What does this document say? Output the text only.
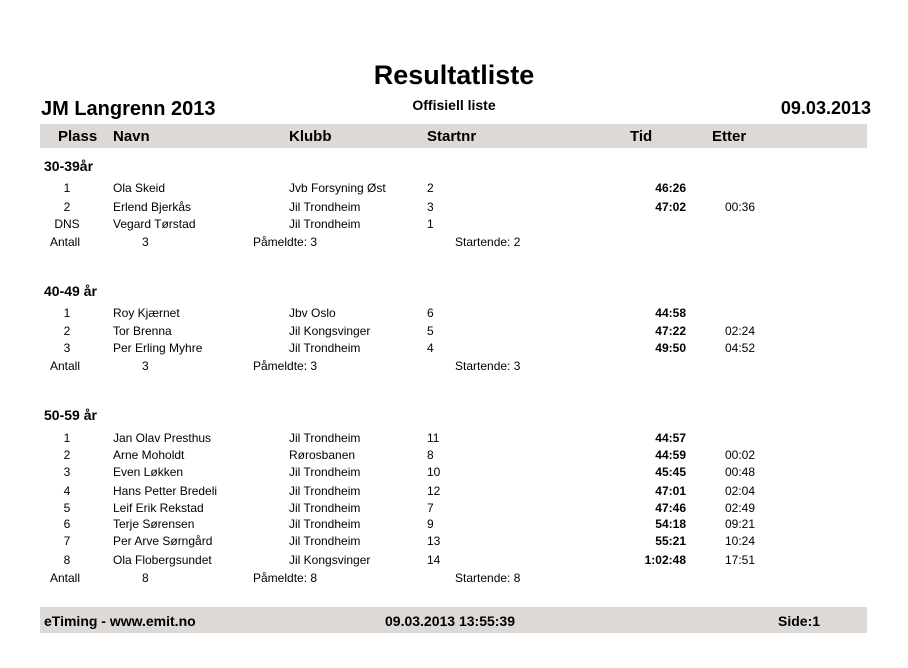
Resultatliste
JM Langrenn 2013	Offisiell liste	09.03.2013
Plass Navn	Klubb	Startnr	Tid	Etter
30-39år
1	Ola Skeid	Jvb Forsyning Øst	2	46:26
2	Erlend Bjerkås	Jil Trondheim	3	47:02	00:36
DNS	Vegard Tørstad	Jil Trondheim	1
Antall	3	Påmeldte: 3	Startende: 2
40-49 år
1	Roy Kjærnet	Jbv Oslo	6	44:58
2	Tor Brenna	Jil Kongsvinger	5	47:22	02:24
3	Per Erling Myhre	Jil Trondheim	4	49:50	04:52
Antall	3	Påmeldte: 3	Startende: 3
50-59 år
1	Jan Olav Presthus	Jil Trondheim	11	44:57
2	Arne Moholdt	Rørosbanen	8	44:59	00:02
3	Even Løkken	Jil Trondheim	10	45:45	00:48
4	Hans Petter Bredeli	Jil Trondheim	12	47:01	02:04
5	Leif Erik Rekstad	Jil Trondheim	7	47:46	02:49
6	Terje Sørensen	Jil Trondheim	9	54:18	09:21
7	Per Arve Sørngård	Jil Trondheim	13	55:21	10:24
8	Ola Flobergsundet	Jil Kongsvinger	14	1:02:48	17:51
Antall	8	Påmeldte: 8	Startende: 8
eTiming - www.emit.no	09.03.2013 13:55:39	Side:1
